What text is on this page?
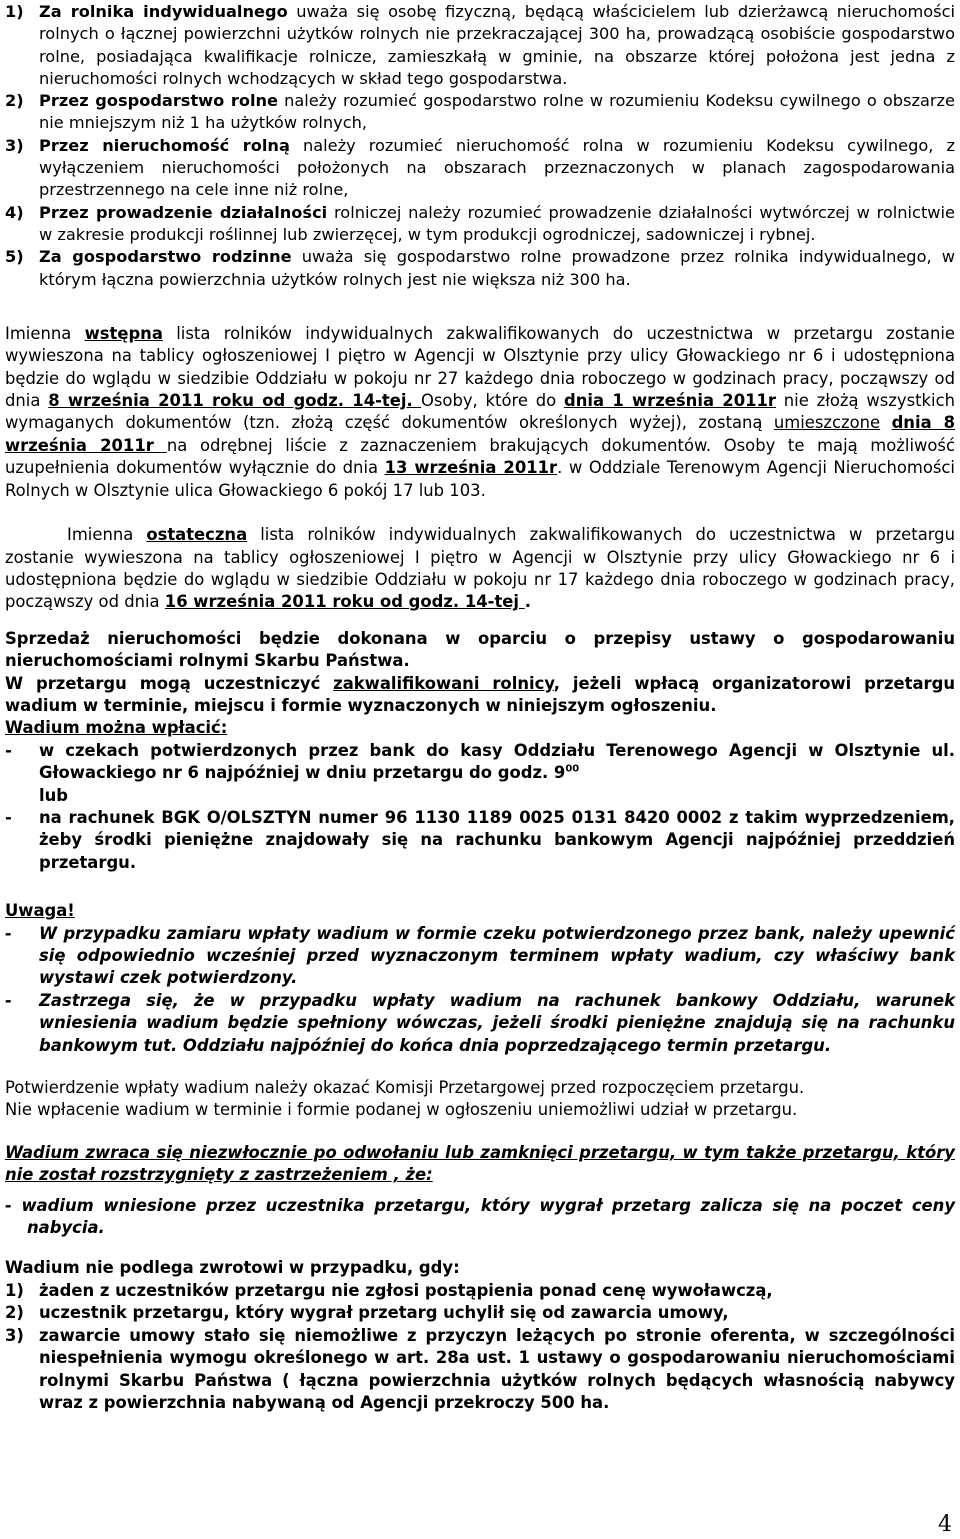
1) Za rolnika indywidualnego uważa się osobę fizyczną, będącą właścicielem lub dzierżawcą nieruchomości rolnych o łącznej powierzchni użytków rolnych nie przekraczającej 300 ha, prowadzącą osobiście gospodarstwo rolne, posiadająca kwalifikacje rolnicze, zamieszkałą w gminie, na obszarze której położona jest jedna z nieruchomości rolnych wchodzących w skład tego gospodarstwa.
2) Przez gospodarstwo rolne należy rozumieć gospodarstwo rolne w rozumieniu Kodeksu cywilnego o obszarze nie mniejszym niż 1 ha użytków rolnych,
3) Przez nieruchomość rolną należy rozumieć nieruchomość rolna w rozumieniu Kodeksu cywilnego, z wyłączeniem nieruchomości położonych na obszarach przeznaczonych w planach zagospodarowania przestrzennego na cele inne niż rolne,
4) Przez prowadzenie działalności rolniczej należy rozumieć prowadzenie działalności wytwórczej w rolnictwie w zakresie produkcji roślinnej lub zwierzęcej, w tym produkcji ogrodniczej, sadowniczej i rybnej.
5) Za gospodarstwo rodzinne uważa się gospodarstwo rolne prowadzone przez rolnika indywidualnego, w którym łączna powierzchnia użytków rolnych jest nie większa niż 300 ha.

Imienna wstępna lista rolników indywidualnych zakwalifikowanych do uczestnictwa w przetargu zostanie wywieszona na tablicy ogłoszeniowej I piętro w Agencji w Olsztynie przy ulicy Głowackiego nr 6 i udostępniona będzie do wglądu w siedzibie Oddziału w pokoju nr 27 każdego dnia roboczego w godzinach pracy, począwszy od dnia 8 września 2011 roku od godz. 14-tej. Osoby, które do dnia 1 września 2011r nie złożą wszystkich wymaganych dokumentów (tzn. złożą część dokumentów określonych wyżej), zostaną umieszczone dnia 8 września 2011r na odrębnej liście z zaznaczeniem brakujących dokumentów. Osoby te mają możliwość uzupełnienia dokumentów wyłącznie do dnia 13 września 2011r. w Oddziale Terenowym Agencji Nieruchomości Rolnych w Olsztynie ulica Głowackiego 6 pokój 17 lub 103.

Imienna ostateczna lista rolników indywidualnych zakwalifikowanych do uczestnictwa w przetargu zostanie wywieszona na tablicy ogłoszeniowej I piętro w Agencji w Olsztynie przy ulicy Głowackiego nr 6 i udostępniona będzie do wglądu w siedzibie Oddziału w pokoju nr 17 każdego dnia roboczego w godzinach pracy, począwszy od dnia 16 września 2011 roku od godz. 14-tej .

Sprzedaż nieruchomości będzie dokonana w oparciu o przepisy ustawy o gospodarowaniu nieruchomościami rolnymi Skarbu Państwa.

W przetargu mogą uczestniczyć zakwalifikowani rolnicy, jeżeli wpłacą organizatorowi przetargu wadium w terminie, miejscu i formie wyznaczonych w niniejszym ogłoszeniu.

Wadium można wpłacić:

- w czekach potwierdzonych przez bank do kasy Oddziału Terenowego Agencji w Olsztynie ul. Głowackiego nr 6 najpóźniej w dniu przetargu do godz. $9^{00}$
lub
- na rachunek BGK O/OLSZTYN numer 96 1130 1189 0025 0131 8420 0002 z takim wyprzedzeniem, żeby środki pieniężne znajdowały się na rachunku bankowym Agencji najpóźniej przeddzień przetargu.

Uwaga!

- W przypadku zamiaru wpłaty wadium w formie czeku potwierdzonego przez bank, należy upewnić się odpowiednio wcześniej przed wyznaczonym terminem wpłaty wadium, czy właściwy bank wystawi czek potwierdzony.
- Zastrzega się, że w przypadku wpłaty wadium na rachunek bankowy Oddziału, warunek wniesienia wadium będzie spełniony wówczas, jeżeli środki pieniężne znajdują się na rachunku bankowym tut. Oddziału najpóźniej do końca dnia poprzedzającego termin przetargu.

Potwierdzenie wpłaty wadium należy okazać Komisji Przetargowej przed rozpoczęciem przetargu.
Nie wpłacenie wadium w terminie i formie podanej w ogłoszeniu uniemożliwi udział w przetargu.

Wadium zwraca się niezwłocznie po odwołaniu lub zamknięci przetargu, w tym także przetargu, który nie został rozstrzygnięty z zastrzeżeniem , że:

- wadium wniesione przez uczestnika przetargu, który wygrał przetarg zalicza się na poczet ceny nabycia.

Wadium nie podlega zwrotowi w przypadku, gdy:

1) żaden z uczestników przetargu nie zgłosi postąpienia ponad cenę wywoławczą,
2) uczestnik przetargu, który wygrał przetarg uchylił się od zawarcia umowy,
3) zawarcie umowy stało się niemożliwe z przyczyn leżących po stronie oferenta, w szczególności niespełnienia wymogu określonego w art. 28a ust. 1 ustawy o gospodarowaniu nieruchomościami rolnymi Skarbu Państwa ( łączna powierzchnia użytków rolnych będących własnością nabywcy wraz z powierzchnia nabywaną od Agencji przekroczy 500 ha.
4
